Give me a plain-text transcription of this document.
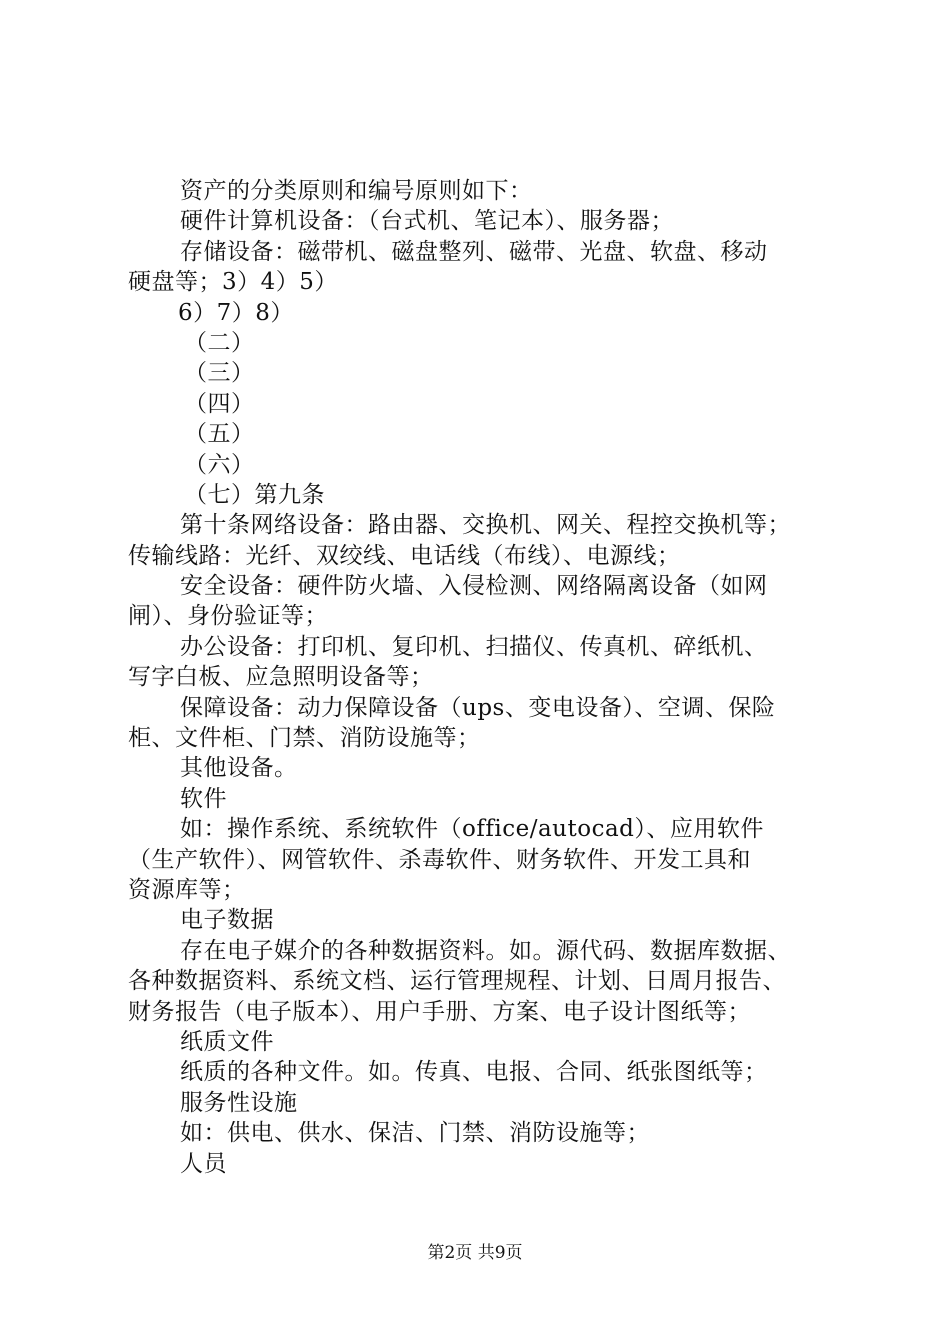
资产的分类原则和编号原则如下：
硬件计算机设备：（台式机、笔记本）、服务器；
存储设备：磁带机、磁盘整列、磁带、光盘、软盘、移动
硬盘等；3）4）5）
6）7）8）
（二）
（三）
（四）
（五）
（六）
（七）第九条
第十条网络设备：路由器、交换机、网关、程控交换机等；
传输线路：光纤、双绞线、电话线（布线）、电源线；
安全设备：硬件防火墙、入侵检测、网络隔离设备（如网
闸）、身份验证等；
办公设备：打印机、复印机、扫描仪、传真机、碎纸机、
写字白板、应急照明设备等；
保障设备：动力保障设备（ups、变电设备）、空调、保险
柜、文件柜、门禁、消防设施等；
其他设备。
软件
如：操作系统、系统软件（office/autocad）、应用软件
（生产软件）、网管软件、杀毒软件、财务软件、开发工具和
资源库等；
电子数据
存在电子媒介的各种数据资料。如。源代码、数据库数据、
各种数据资料、系统文档、运行管理规程、计划、日周月报告、
财务报告（电子版本）、用户手册、方案、电子设计图纸等；
纸质文件
纸质的各种文件。如。传真、电报、合同、纸张图纸等；
服务性设施
如：供电、供水、保洁、门禁、消防设施等；
人员
第2页 共9页
